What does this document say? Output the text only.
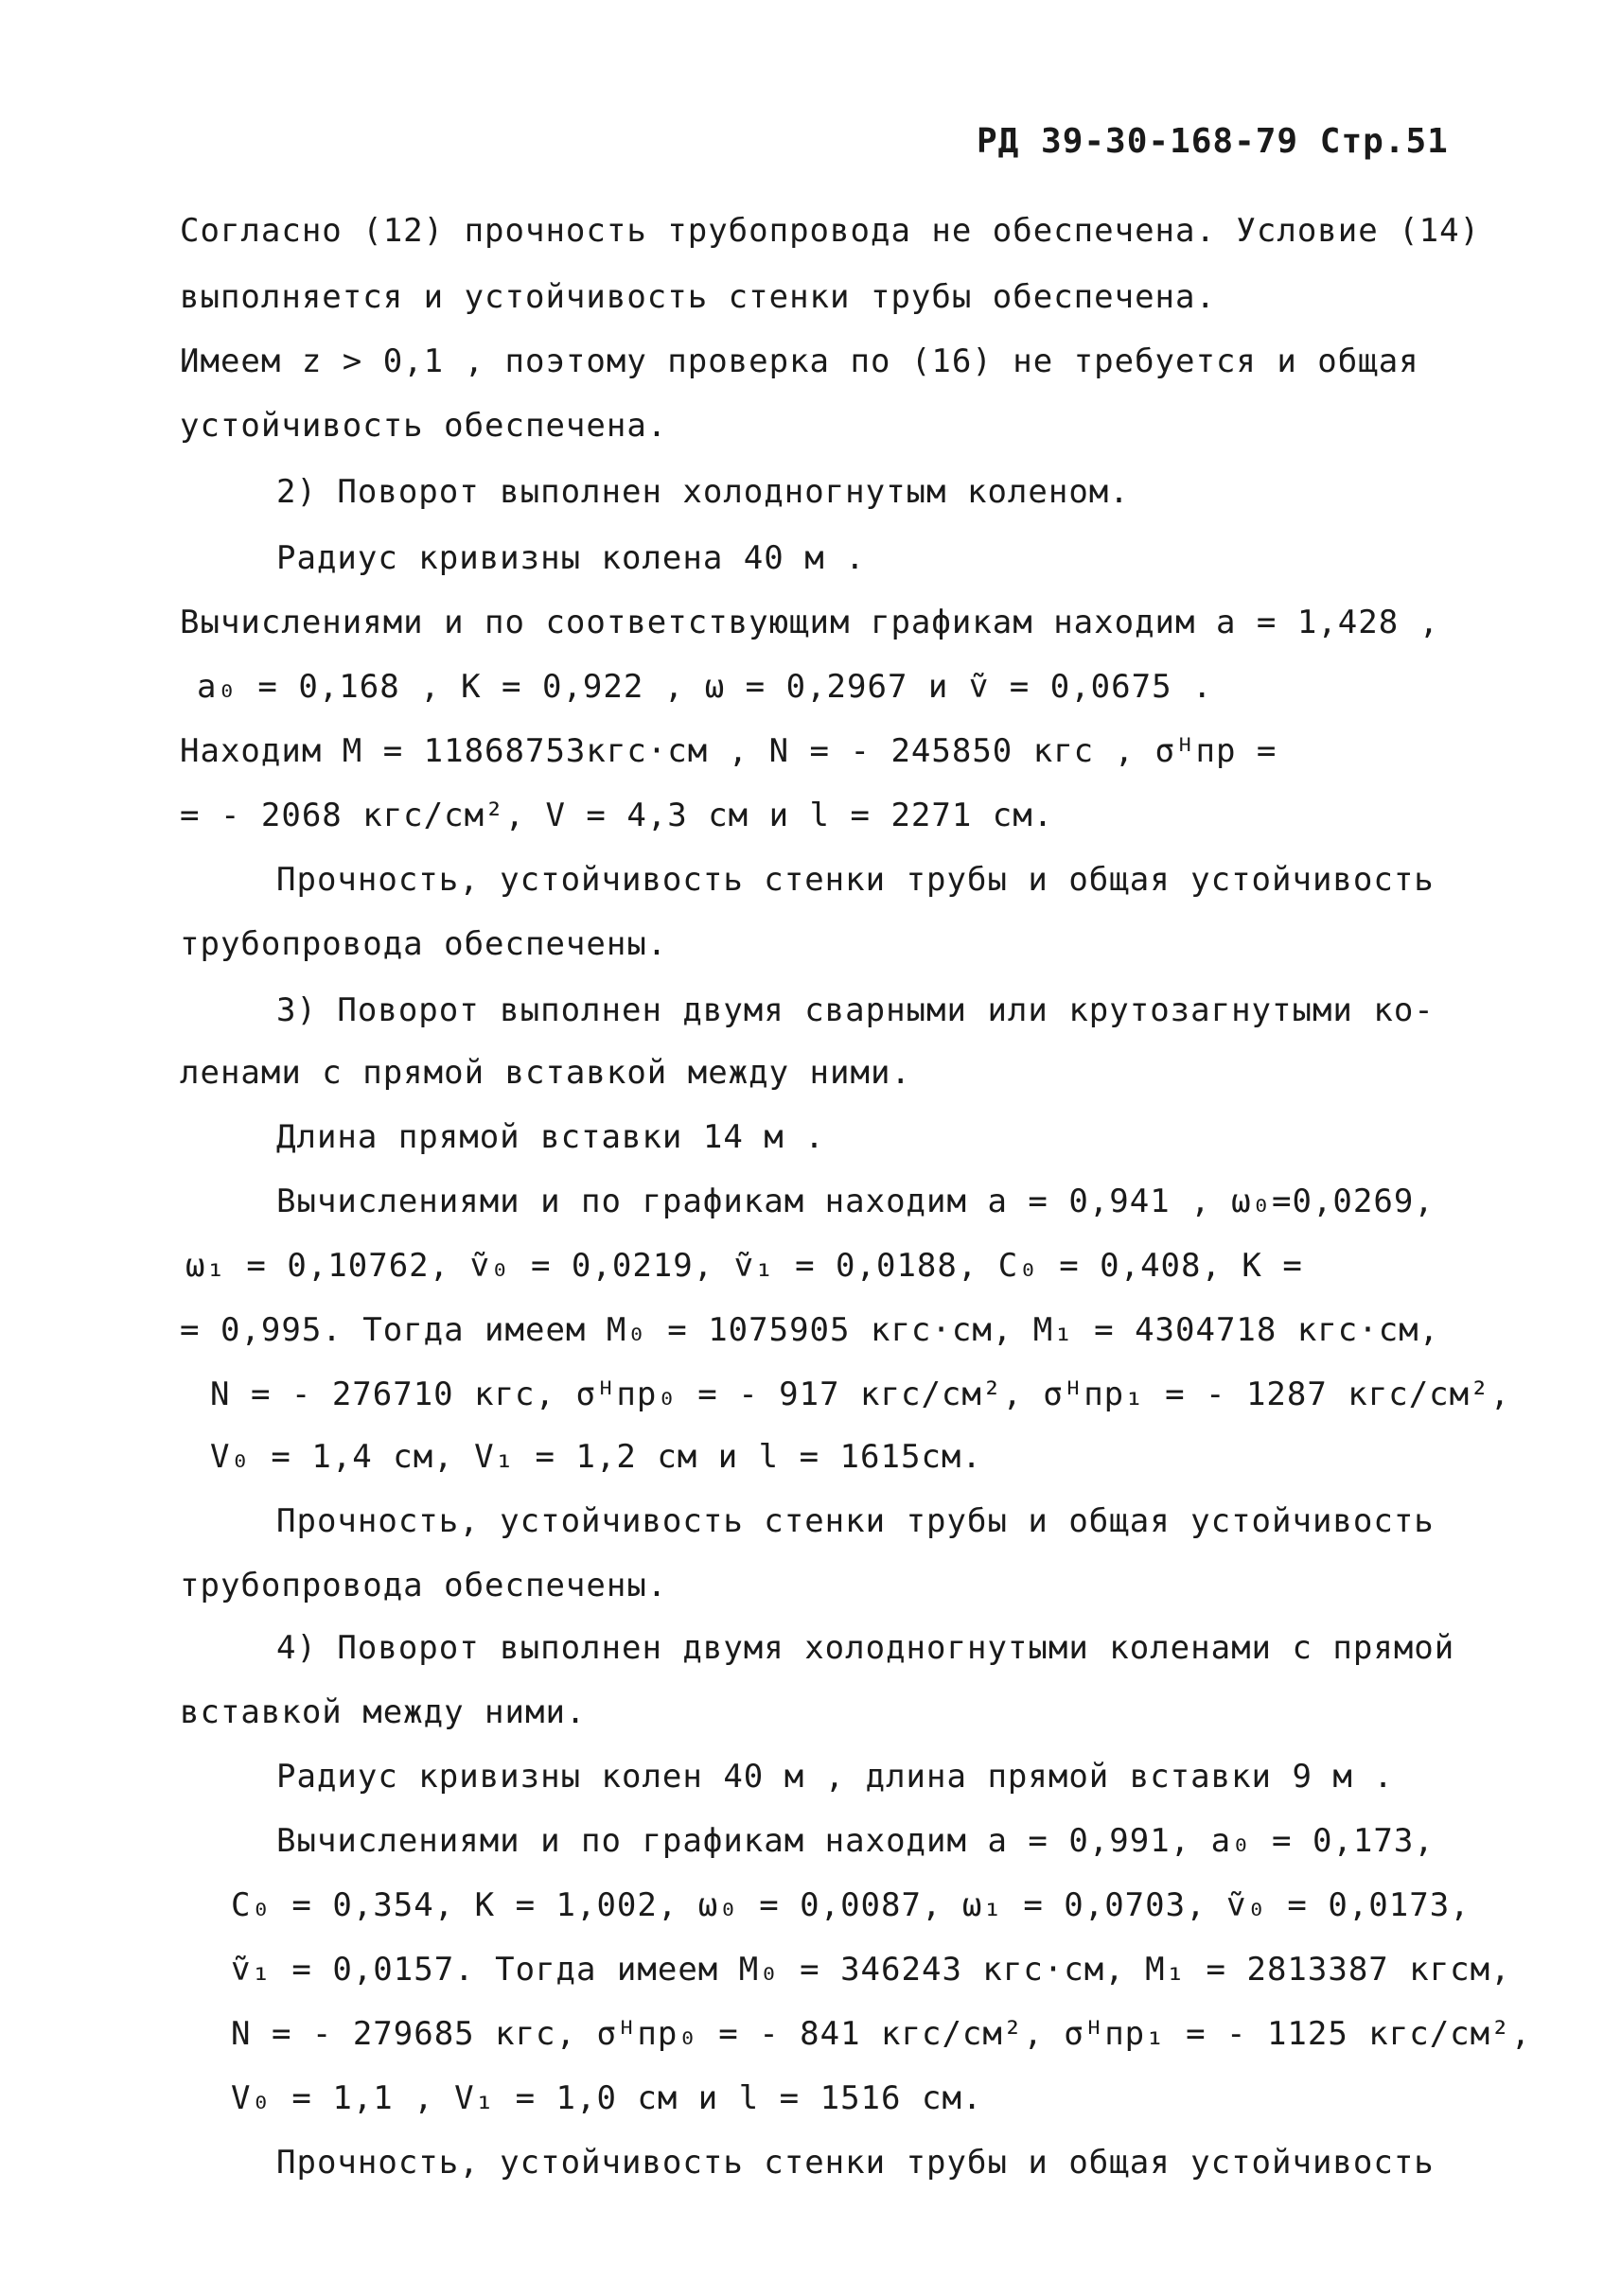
РД 39-30-168-79 Стр.51
Согласно (12) прочность трубопровода не обеспечена. Условие (14)
выполняется и устойчивость стенки трубы обеспечена.
Имеем z > 0,1 , поэтому проверка по (16) не требуется и общая
устойчивость обеспечена.
2) Поворот выполнен холодногнутым коленом.
Радиус кривизны колена 40 м .
Вычислениями и по соответствующим графикам находим a = 1,428 ,
a₀ = 0,168 , K = 0,922 , ω = 0,2967 и ṽ = 0,0675 .
Находим M = 11868753кгс·см , N = - 245850 кгс , σᴴпр =
= - 2068 кгс/см², V = 4,3 см и l = 2271 см.
Прочность, устойчивость стенки трубы и общая устойчивость
трубопровода обеспечены.
3) Поворот выполнен двумя сварными или крутозагнутыми ко-
ленами с прямой вставкой между ними.
Длина прямой вставки 14 м .
Вычислениями и по графикам находим a = 0,941 , ω₀=0,0269,
ω₁ = 0,10762, ṽ₀ = 0,0219, ṽ₁ = 0,0188, C₀ = 0,408, K =
= 0,995. Тогда имеем M₀ = 1075905 кгс·см, M₁ = 4304718 кгс·см,
N = - 276710 кгс, σᴴпр₀ = - 917 кгс/см², σᴴпр₁ = - 1287 кгс/см²,
V₀ = 1,4 см, V₁ = 1,2 см и l = 1615см.
Прочность, устойчивость стенки трубы и общая устойчивость
трубопровода обеспечены.
4) Поворот выполнен двумя холодногнутыми коленами с прямой
вставкой между ними.
Радиус кривизны колен 40 м , длина прямой вставки 9 м .
Вычислениями и по графикам находим a = 0,991, a₀ = 0,173,
C₀ = 0,354, K = 1,002, ω₀ = 0,0087, ω₁ = 0,0703, ṽ₀ = 0,0173,
ṽ₁ = 0,0157. Тогда имеем M₀ = 346243 кгс·см, M₁ = 2813387 кгсм,
N = - 279685 кгс, σᴴпр₀ = - 841 кгс/см², σᴴпр₁ = - 1125 кгс/см²,
V₀ = 1,1 , V₁ = 1,0 см и l = 1516 см.
Прочность, устойчивость стенки трубы и общая устойчивость
